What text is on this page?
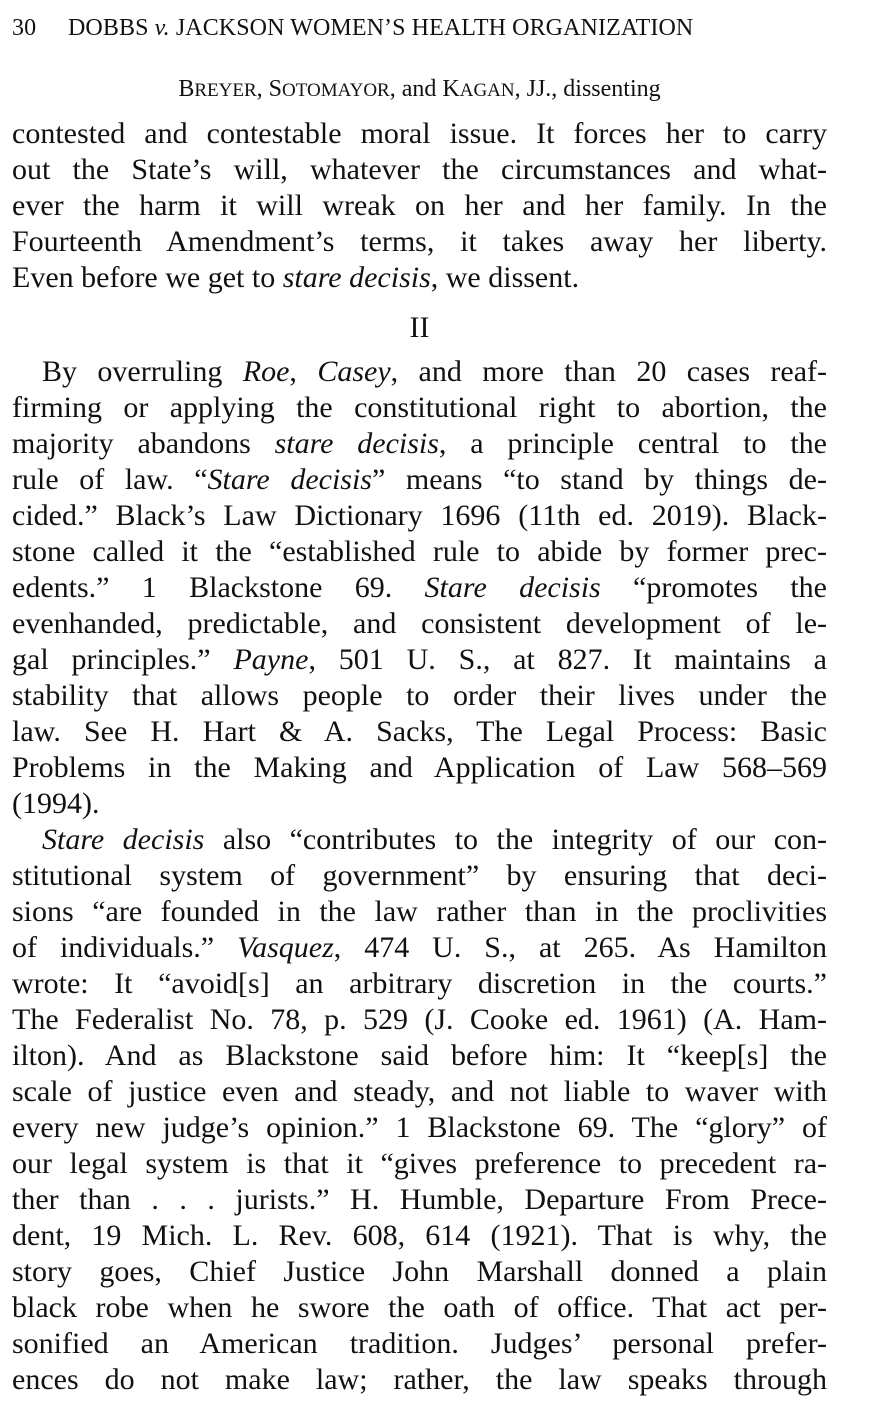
30 DOBBS v. JACKSON WOMEN’S HEALTH ORGANIZATION
BREYER, SOTOMAYOR, and KAGAN, JJ., dissenting
contested and contestable moral issue. It forces her to carry
out the State’s will, whatever the circumstances and what-
ever the harm it will wreak on her and her family. In the
Fourteenth Amendment’s terms, it takes away her liberty.
Even before we get to stare decisis, we dissent.
II
By overruling Roe, Casey, and more than 20 cases reaf-
firming or applying the constitutional right to abortion, the
majority abandons stare decisis, a principle central to the
rule of law. “Stare decisis” means “to stand by things de-
cided.” Black’s Law Dictionary 1696 (11th ed. 2019). Black-
stone called it the “established rule to abide by former prec-
edents.” 1 Blackstone 69. Stare decisis “promotes the
evenhanded, predictable, and consistent development of le-
gal principles.” Payne, 501 U. S., at 827. It maintains a
stability that allows people to order their lives under the
law. See H. Hart & A. Sacks, The Legal Process: Basic
Problems in the Making and Application of Law 568–569
(1994).
Stare decisis also “contributes to the integrity of our con-
stitutional system of government” by ensuring that deci-
sions “are founded in the law rather than in the proclivities
of individuals.” Vasquez, 474 U. S., at 265. As Hamilton
wrote: It “avoid[s] an arbitrary discretion in the courts.”
The Federalist No. 78, p. 529 (J. Cooke ed. 1961) (A. Ham-
ilton). And as Blackstone said before him: It “keep[s] the
scale of justice even and steady, and not liable to waver with
every new judge’s opinion.” 1 Blackstone 69. The “glory” of
our legal system is that it “gives preference to precedent ra-
ther than . . . jurists.” H. Humble, Departure From Prece-
dent, 19 Mich. L. Rev. 608, 614 (1921). That is why, the
story goes, Chief Justice John Marshall donned a plain
black robe when he swore the oath of office. That act per-
sonified an American tradition. Judges’ personal prefer-
ences do not make law; rather, the law speaks through
